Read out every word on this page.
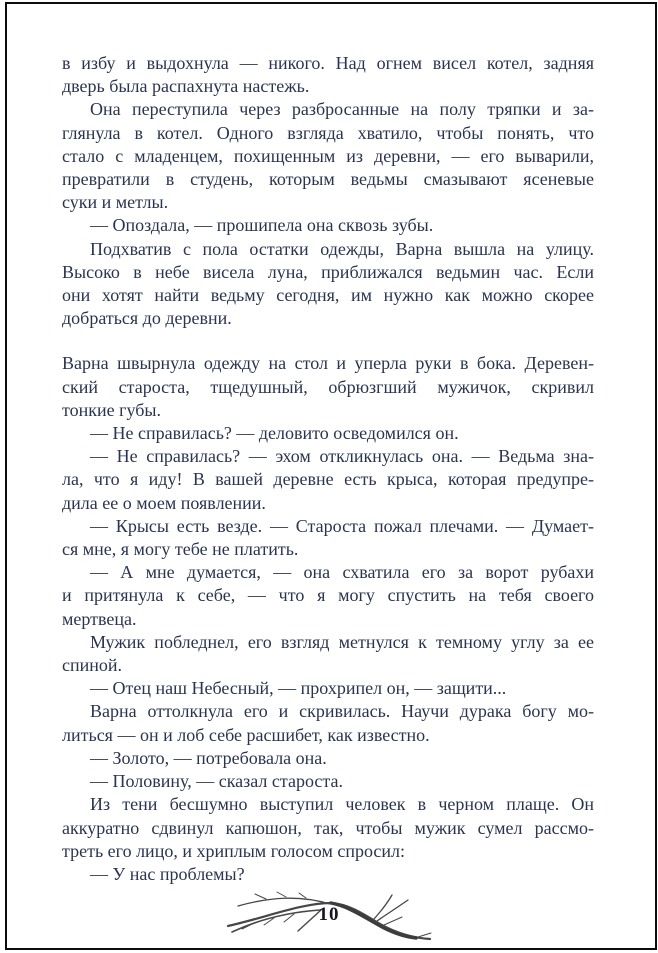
в избу и выдохнула — никого. Над огнем висел котел, задняя
дверь была распахнута настежь.
Она переступила через разбросанные на полу тряпки и за-
глянула в котел. Одного взгляда хватило, чтобы понять, что
стало с младенцем, похищенным из деревни, — его выварили,
превратили в студень, которым ведьмы смазывают ясеневые
суки и метлы.
— Опоздала, — прошипела она сквозь зубы.
Подхватив с пола остатки одежды, Варна вышла на улицу.
Высоко в небе висела луна, приближался ведьмин час. Если
они хотят найти ведьму сегодня, им нужно как можно скорее
добраться до деревни.
Варна швырнула одежду на стол и уперла руки в бока. Деревен-
ский староста, тщедушный, обрюзгший мужичок, скривил
тонкие губы.
— Не справилась? — деловито осведомился он.
— Не справилась? — эхом откликнулась она. — Ведьма зна-
ла, что я иду! В вашей деревне есть крыса, которая предупре-
дила ее о моем появлении.
— Крысы есть везде. — Староста пожал плечами. — Думает-
ся мне, я могу тебе не платить.
— А мне думается, — она схватила его за ворот рубахи
и притянула к себе, — что я могу спустить на тебя своего
мертвеца.
Мужик побледнел, его взгляд метнулся к темному углу за ее
спиной.
— Отец наш Небесный, — прохрипел он, — защити...
Варна оттолкнула его и скривилась. Научи дурака богу мо-
литься — он и лоб себе расшибет, как известно.
— Золото, — потребовала она.
— Половину, — сказал староста.
Из тени бесшумно выступил человек в черном плаще. Он
аккуратно сдвинул капюшон, так, чтобы мужик сумел рассмо-
треть его лицо, и хриплым голосом спросил:
— У нас проблемы?
10
